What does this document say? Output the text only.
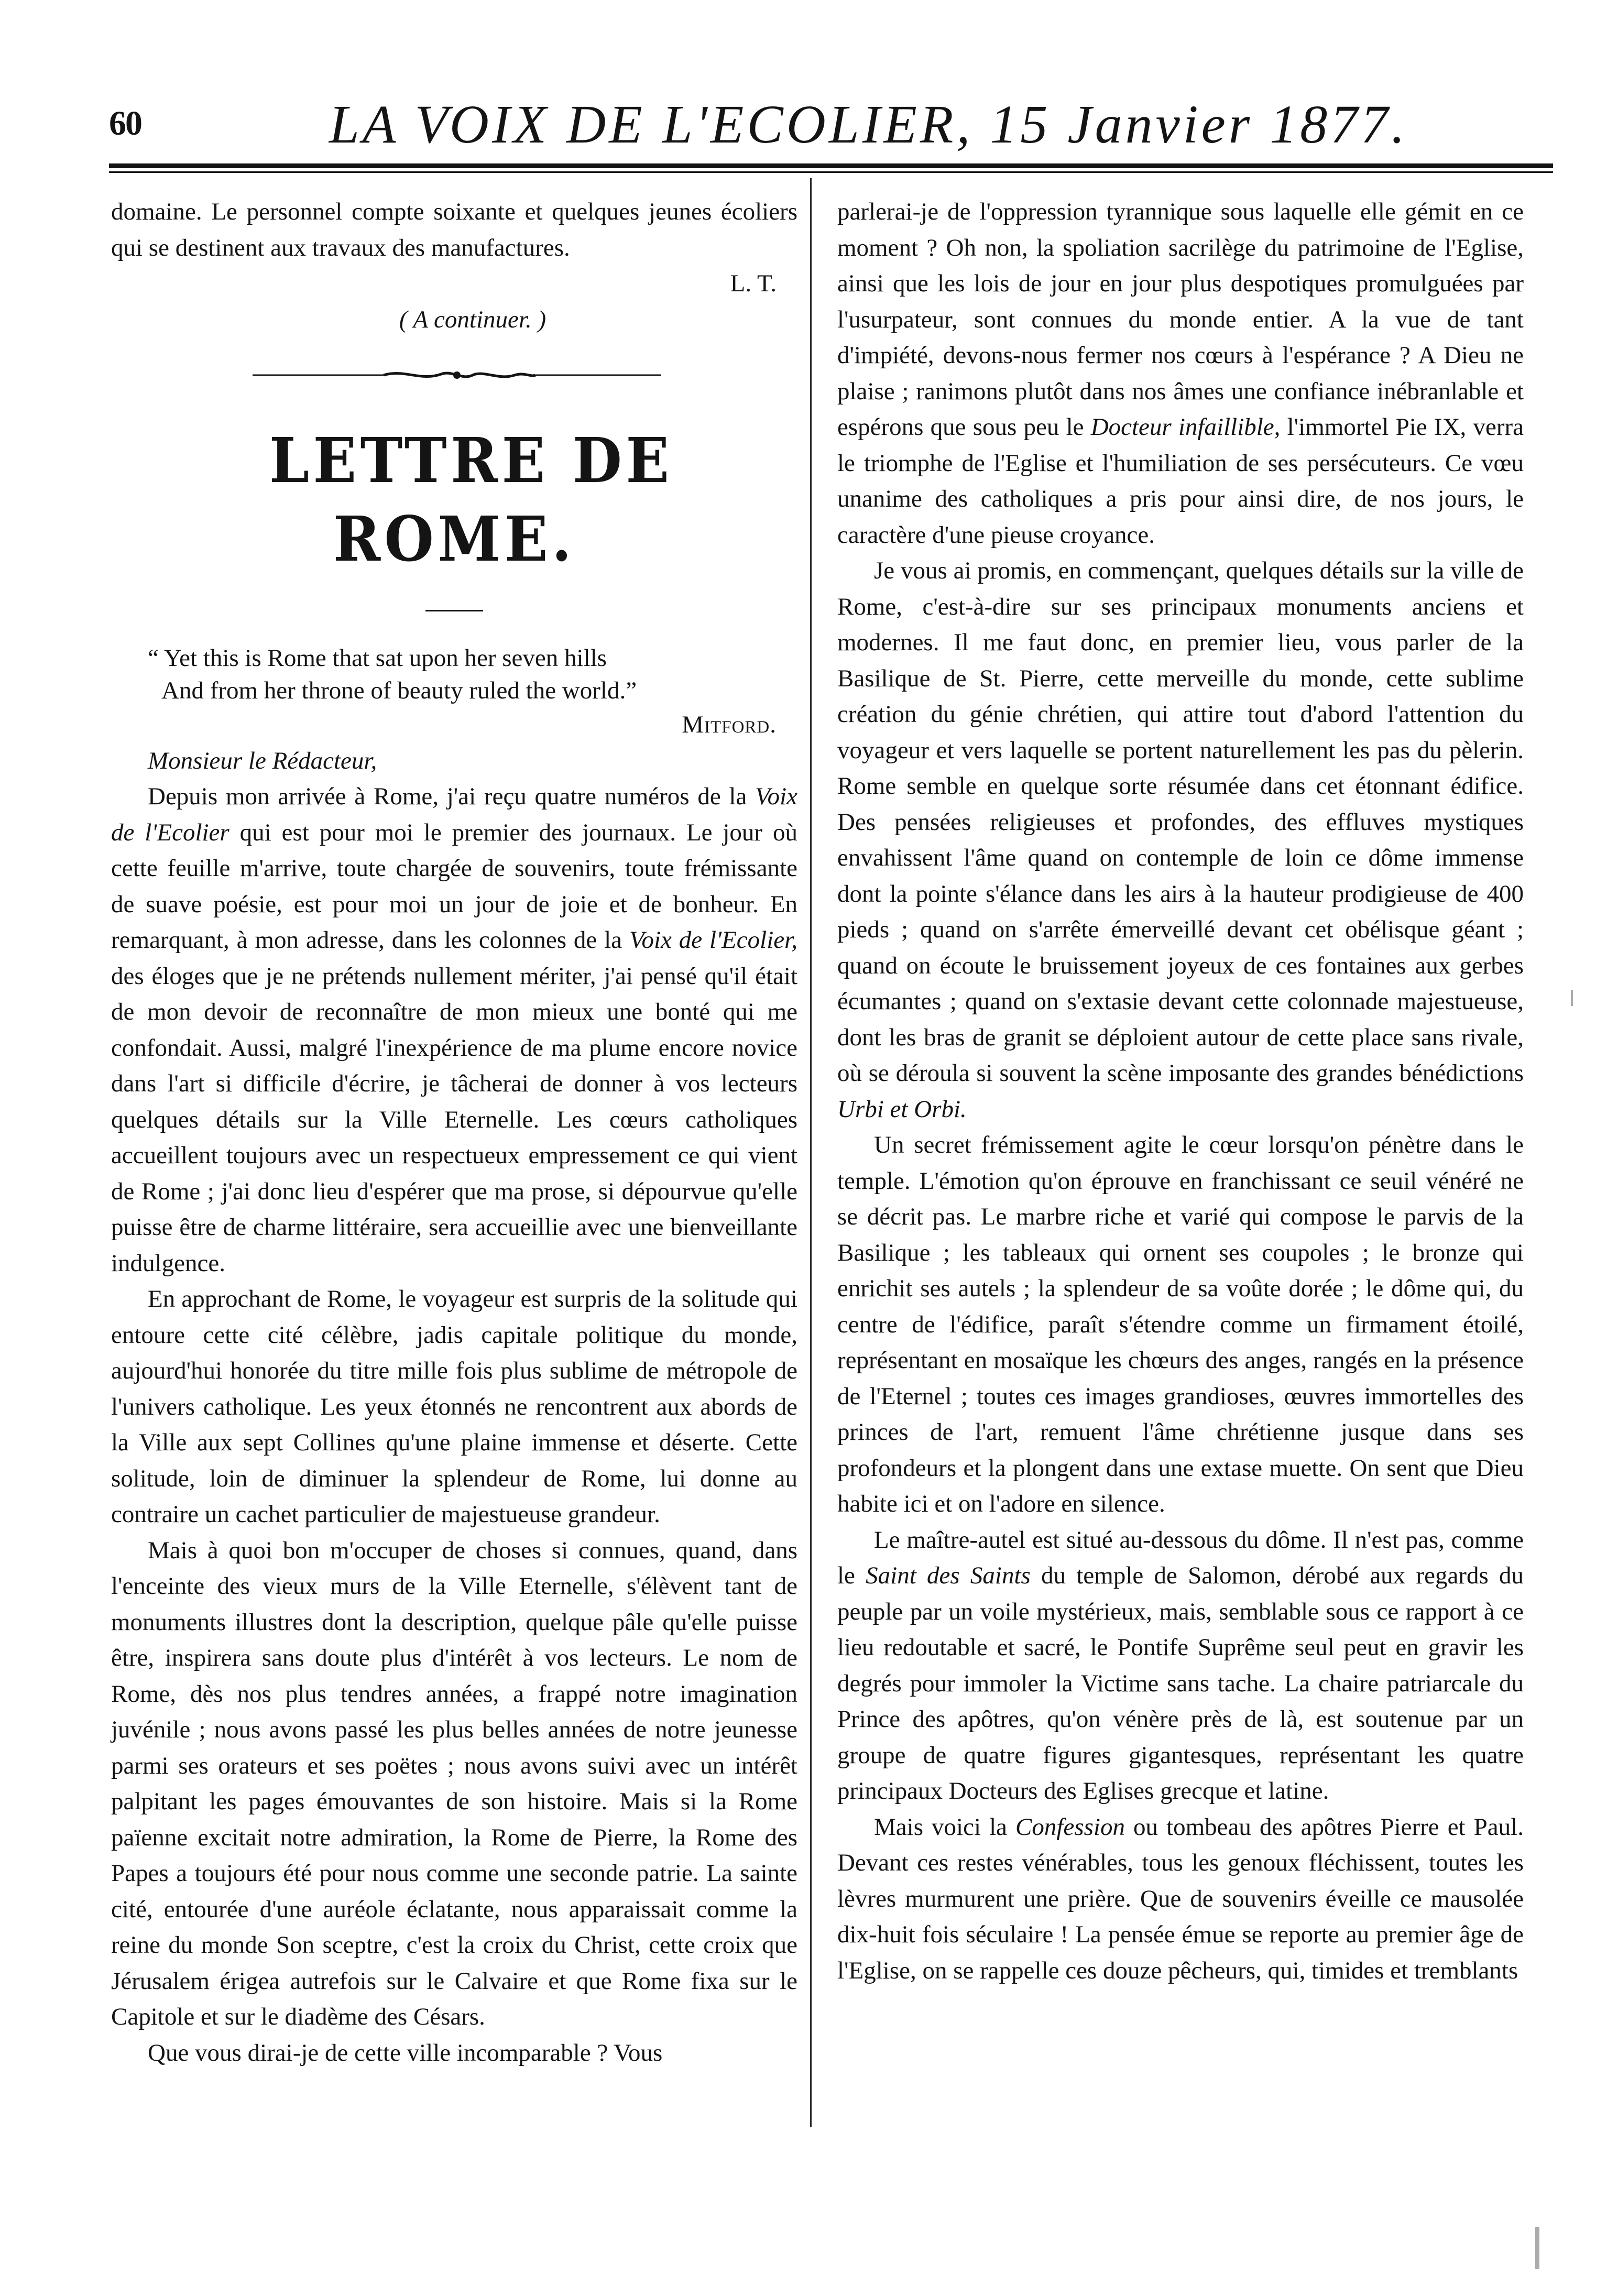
60	LA VOIX DE L'ECOLIER, 15 Janvier 1877.

domaine. Le personnel compte soixante et quelques jeunes écoliers qui se destinent aux travaux des manufactures.

L. T.

( A continuer. )

LETTRE DE ROME.

“ Yet this is Rome that sat upon her seven hills
And from her throne of beauty ruled the world.”

Mitford.

Monsieur le Rédacteur,

Depuis mon arrivée à Rome, j'ai reçu quatre numéros de la Voix de l'Ecolier qui est pour moi le premier des journaux. Le jour où cette feuille m'arrive, toute chargée de souvenirs, toute frémissante de suave poésie, est pour moi un jour de joie et de bonheur. En remarquant, à mon adresse, dans les colonnes de la Voix de l'Ecolier, des éloges que je ne prétends nullement mériter, j'ai pensé qu'il était de mon devoir de reconnaître de mon mieux une bonté qui me confondait. Aussi, malgré l'inexpérience de ma plume encore novice dans l'art si difficile d'écrire, je tâcherai de donner à vos lecteurs quelques détails sur la Ville Eternelle. Les cœurs catholiques accueillent toujours avec un respectueux empressement ce qui vient de Rome ; j'ai donc lieu d'espérer que ma prose, si dépourvue qu'elle puisse être de charme littéraire, sera accueillie avec une bienveillante indulgence.

En approchant de Rome, le voyageur est surpris de la solitude qui entoure cette cité célèbre, jadis capitale politique du monde, aujourd'hui honorée du titre mille fois plus sublime de métropole de l'univers catholique. Les yeux étonnés ne rencontrent aux abords de la Ville aux sept Collines qu'une plaine immense et déserte. Cette solitude, loin de diminuer la splendeur de Rome, lui donne au contraire un cachet particulier de majestueuse grandeur.

Mais à quoi bon m'occuper de choses si connues, quand, dans l'enceinte des vieux murs de la Ville Eternelle, s'élèvent tant de monuments illustres dont la description, quelque pâle qu'elle puisse être, inspirera sans doute plus d'intérêt à vos lecteurs. Le nom de Rome, dès nos plus tendres années, a frappé notre imagination juvénile ; nous avons passé les plus belles années de notre jeunesse parmi ses orateurs et ses poëtes ; nous avons suivi avec un intérêt palpitant les pages émouvantes de son histoire. Mais si la Rome païenne excitait notre admiration, la Rome de Pierre, la Rome des Papes a toujours été pour nous comme une seconde patrie. La sainte cité, entourée d'une auréole éclatante, nous apparaissait comme la reine du monde Son sceptre, c'est la croix du Christ, cette croix que Jérusalem érigea autrefois sur le Calvaire et que Rome fixa sur le Capitole et sur le diadème des Césars.

Que vous dirai-je de cette ville incomparable ? Vous

parlerai-je de l'oppression tyrannique sous laquelle elle gémit en ce moment ? Oh non, la spoliation sacrilège du patrimoine de l'Eglise, ainsi que les lois de jour en jour plus despotiques promulguées par l'usurpateur, sont connues du monde entier. A la vue de tant d'impiété, devons-nous fermer nos cœurs à l'espérance ? A Dieu ne plaise ; ranimons plutôt dans nos âmes une confiance inébranlable et espérons que sous peu le Docteur infaillible, l'immortel Pie IX, verra le triomphe de l'Eglise et l'humiliation de ses persécuteurs. Ce vœu unanime des catholiques a pris pour ainsi dire, de nos jours, le caractère d'une pieuse croyance.

Je vous ai promis, en commençant, quelques détails sur la ville de Rome, c'est-à-dire sur ses principaux monuments anciens et modernes. Il me faut donc, en premier lieu, vous parler de la Basilique de St. Pierre, cette merveille du monde, cette sublime création du génie chrétien, qui attire tout d'abord l'attention du voyageur et vers laquelle se portent naturellement les pas du pèlerin. Rome semble en quelque sorte résumée dans cet étonnant édifice. Des pensées religieuses et profondes, des effluves mystiques envahissent l'âme quand on contemple de loin ce dôme immense dont la pointe s'élance dans les airs à la hauteur prodigieuse de 400 pieds ; quand on s'arrête émerveillé devant cet obélisque géant ; quand on écoute le bruissement joyeux de ces fontaines aux gerbes écumantes ; quand on s'extasie devant cette colonnade majestueuse, dont les bras de granit se déploient autour de cette place sans rivale, où se déroula si souvent la scène imposante des grandes bénédictions Urbi et Orbi.

Un secret frémissement agite le cœur lorsqu'on pénètre dans le temple. L'émotion qu'on éprouve en franchissant ce seuil vénéré ne se décrit pas. Le marbre riche et varié qui compose le parvis de la Basilique ; les tableaux qui ornent ses coupoles ; le bronze qui enrichit ses autels ; la splendeur de sa voûte dorée ; le dôme qui, du centre de l'édifice, paraît s'étendre comme un firmament étoilé, représentant en mosaïque les chœurs des anges, rangés en la présence de l'Eternel ; toutes ces images grandioses, œuvres immortelles des princes de l'art, remuent l'âme chrétienne jusque dans ses profondeurs et la plongent dans une extase muette. On sent que Dieu habite ici et on l'adore en silence.

Le maître-autel est situé au-dessous du dôme. Il n'est pas, comme le Saint des Saints du temple de Salomon, dérobé aux regards du peuple par un voile mystérieux, mais, semblable sous ce rapport à ce lieu redoutable et sacré, le Pontife Suprême seul peut en gravir les degrés pour immoler la Victime sans tache. La chaire patriarcale du Prince des apôtres, qu'on vénère près de là, est soutenue par un groupe de quatre figures gigantesques, représentant les quatre principaux Docteurs des Eglises grecque et latine.

Mais voici la Confession ou tombeau des apôtres Pierre et Paul. Devant ces restes vénérables, tous les genoux fléchissent, toutes les lèvres murmurent une prière. Que de souvenirs éveille ce mausolée dix-huit fois séculaire ! La pensée émue se reporte au premier âge de l'Eglise, on se rappelle ces douze pêcheurs, qui, timides et tremblants
